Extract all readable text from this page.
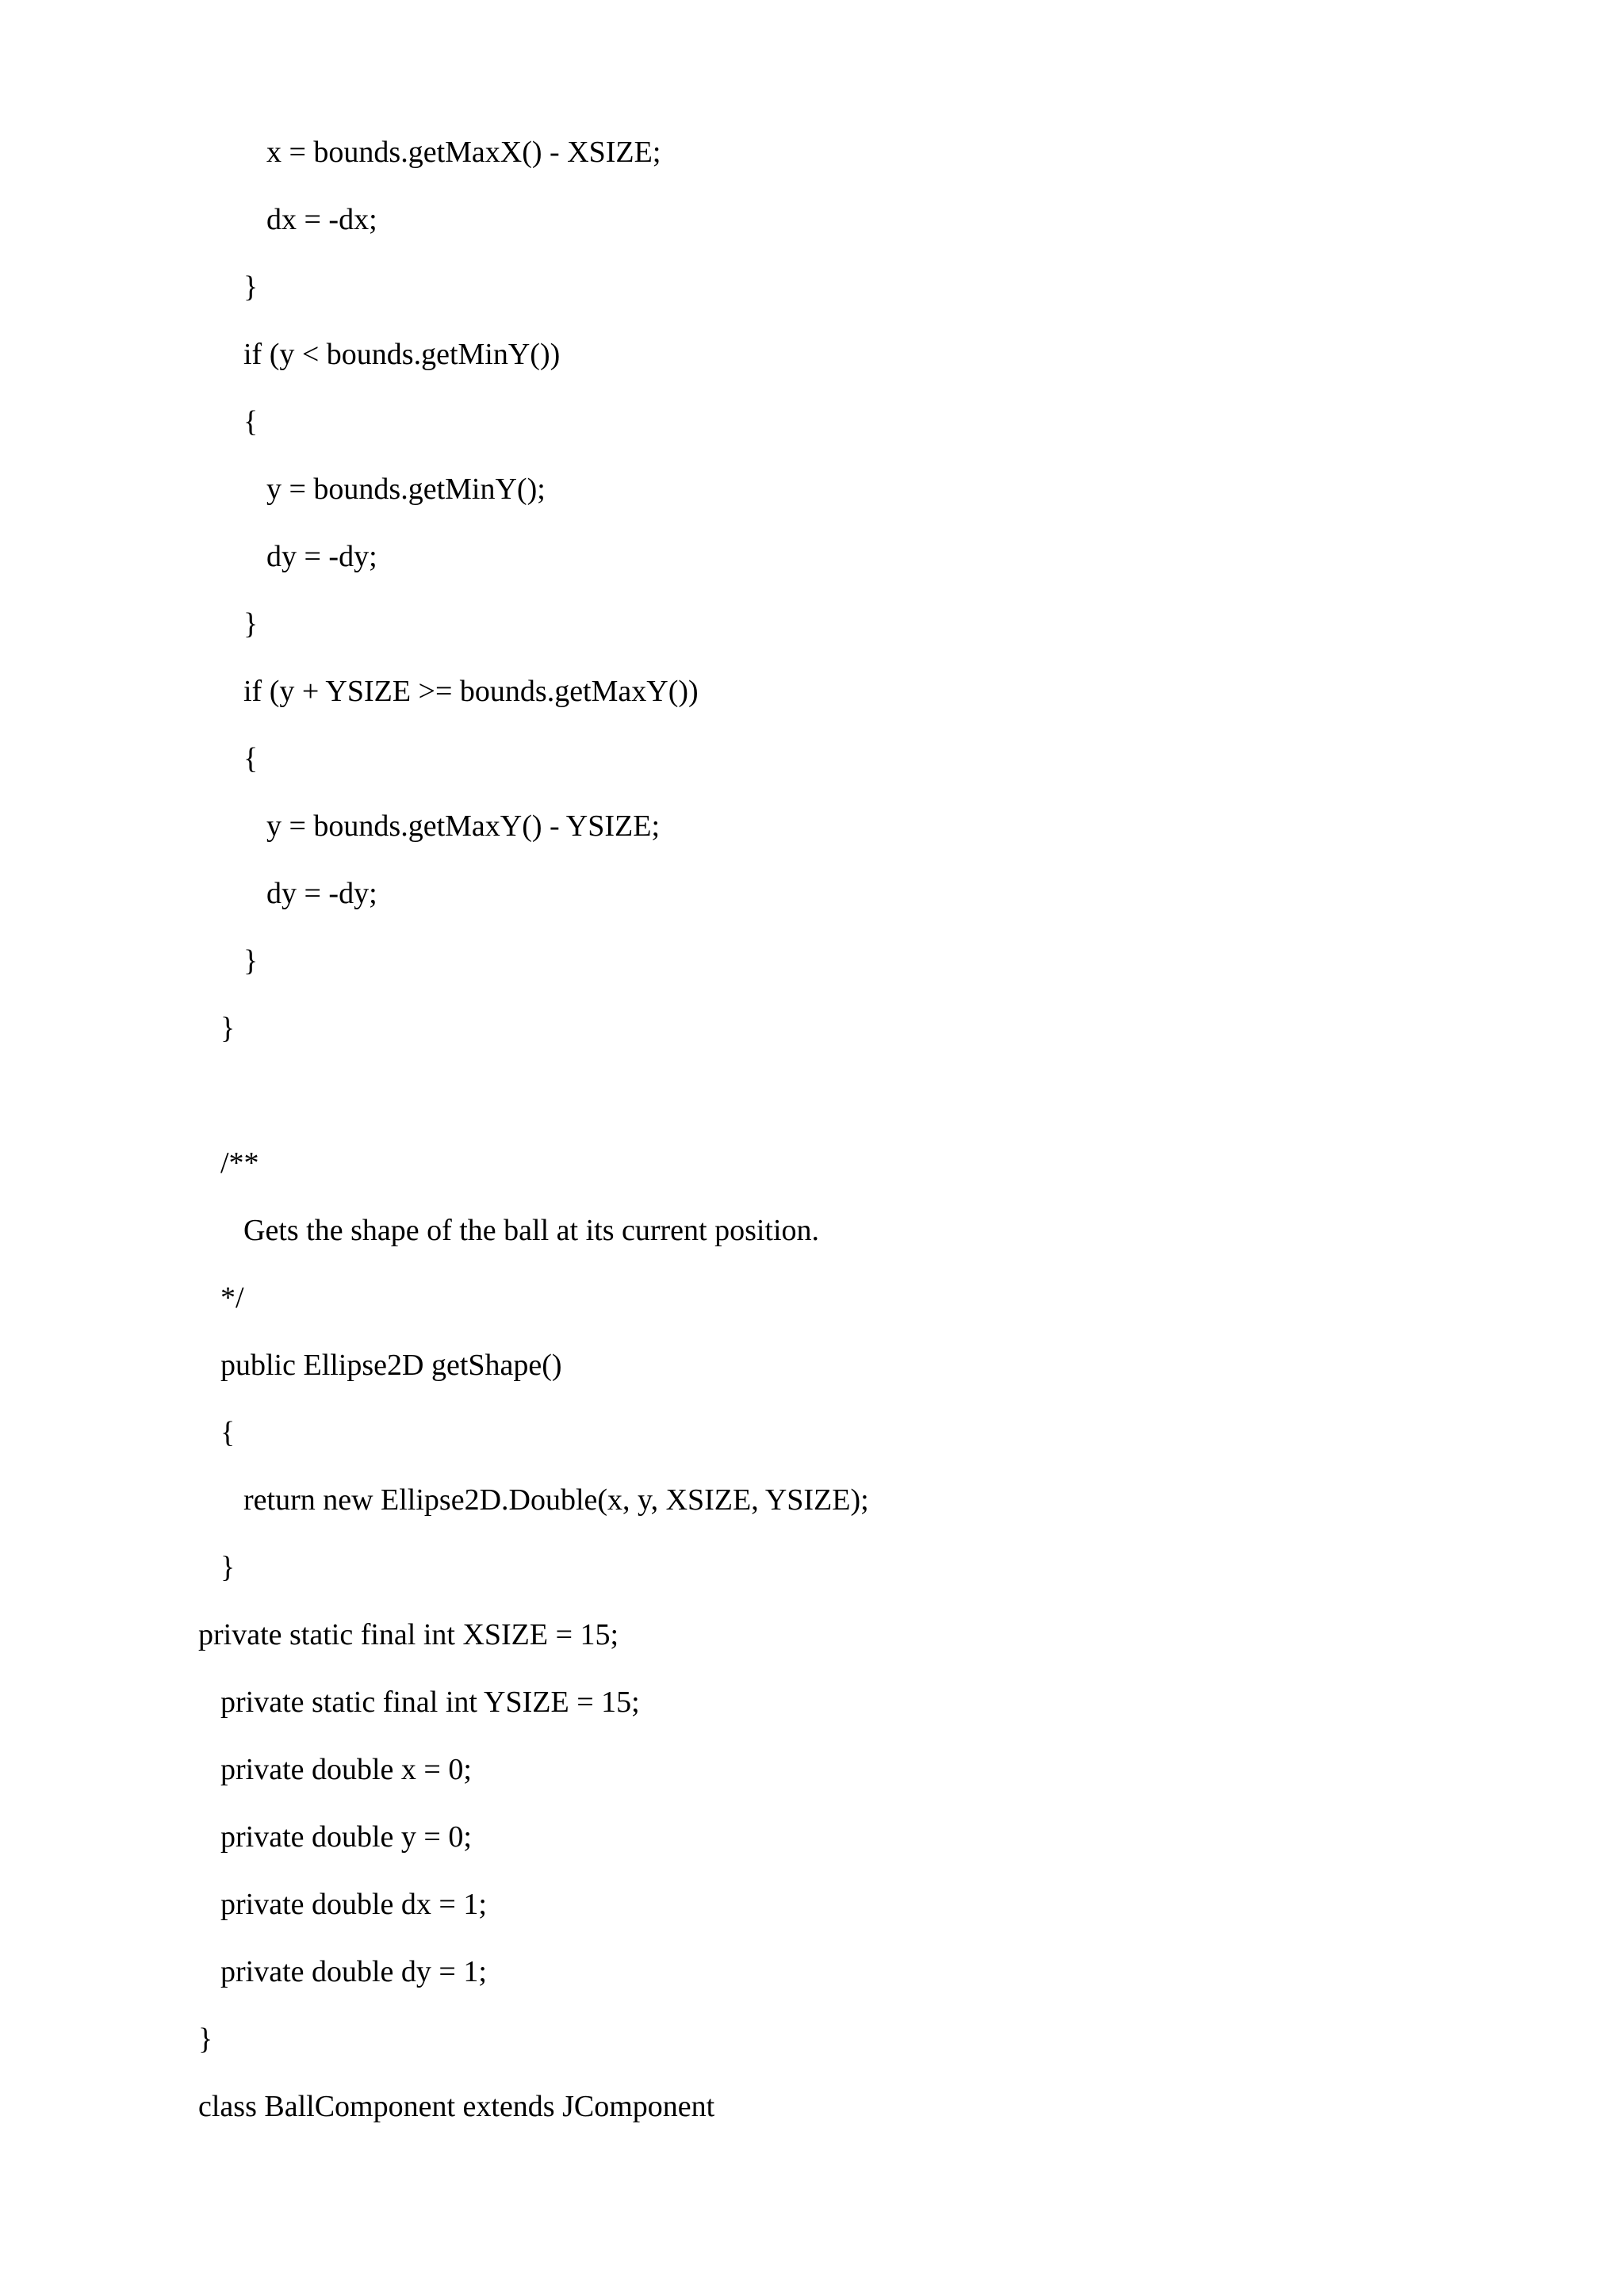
x = bounds.getMaxX() - XSIZE;

dx = -dx;

}

if (y < bounds.getMinY())

{

y = bounds.getMinY();

dy = -dy;

}

if (y + YSIZE >= bounds.getMaxY())

{

y = bounds.getMaxY() - YSIZE;

dy = -dy;

}

}

/**

Gets the shape of the ball at its current position.

*/

public Ellipse2D getShape()

{

return new Ellipse2D.Double(x, y, XSIZE, YSIZE);

}

private static final int XSIZE = 15;

private static final int YSIZE = 15;

private double x = 0;

private double y = 0;

private double dx = 1;

private double dy = 1;

}

class BallComponent extends JComponent
